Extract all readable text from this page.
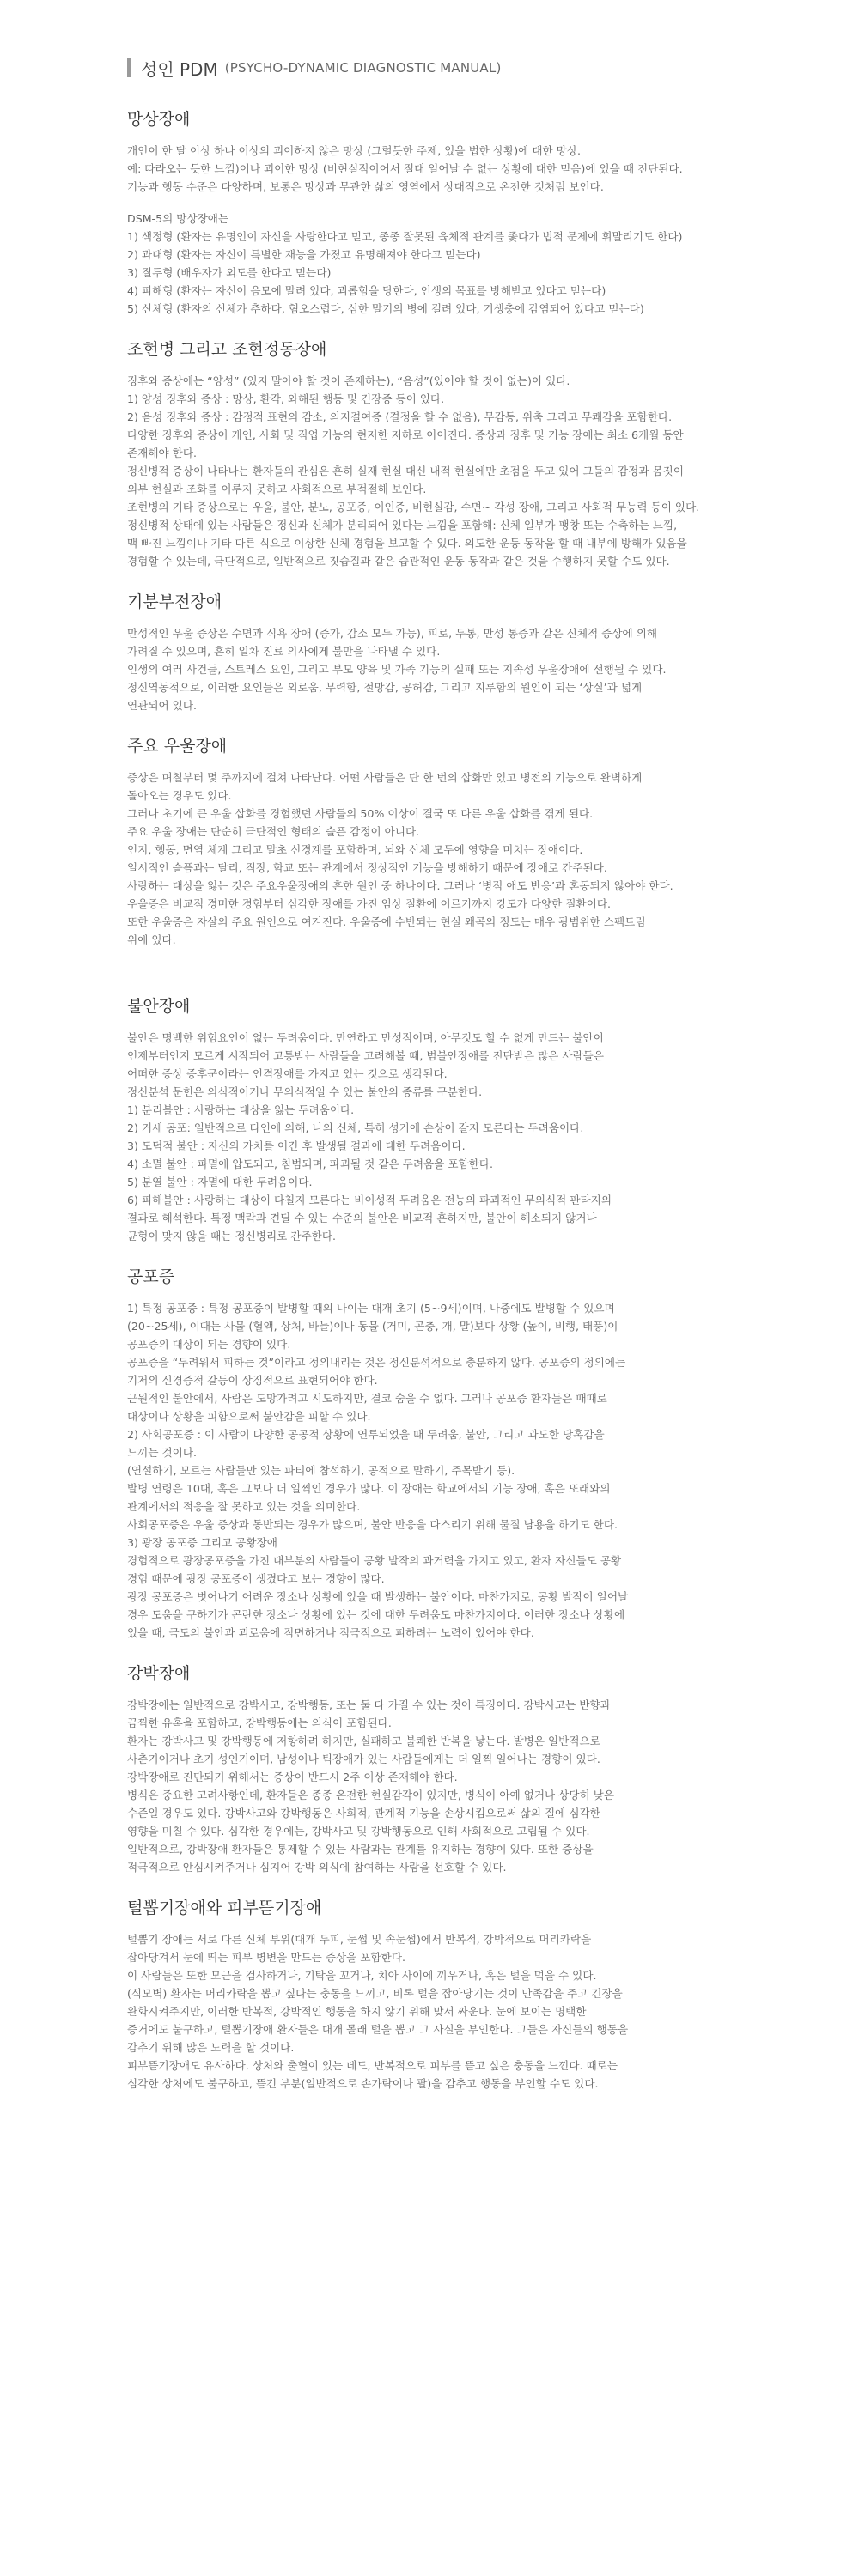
성인 PDM (PSYCHO-DYNAMIC DIAGNOSTIC MANUAL)
망상장애

개인이 한 달 이상 하나 이상의 괴이하지 않은 망상 (그럴듯한 주제, 있을 법한 상황)에 대한 망상.

예: 따라오는 듯한 느낌)이나 괴이한 망상 (비현실적이어서 절대 일어날 수 없는 상황에 대한 믿음)에 있을 때 진단된다.

기능과 행동 수준은 다양하며, 보통은 망상과 무관한 삶의 영역에서 상대적으로 온전한 것처럼 보인다.

DSM-5의 망상장애는

1) 색정형 (환자는 유명인이 자신을 사랑한다고 믿고, 종종 잘못된 육체적 관계를 좇다가 법적 문제에 휘말리기도 한다)

2) 과대형 (환자는 자신이 특별한 재능을 가졌고 유명해져야 한다고 믿는다)

3) 질투형 (배우자가 외도를 한다고 믿는다)

4) 피해형 (환자는 자신이 음모에 말려 있다, 괴롭힘을 당한다, 인생의 목표를 방해받고 있다고 믿는다)

5) 신체형 (환자의 신체가 추하다, 혐오스럽다, 심한 말기의 병에 걸려 있다, 기생충에 감염되어 있다고 믿는다)

조현병 그리고 조현정동장애

징후와 증상에는 “양성” (있지 말아야 할 것이 존재하는), “음성”(있어야 할 것이 없는)이 있다.

1) 양성 징후와 증상 : 망상, 환각, 와해된 행동 및 긴장증 등이 있다.

2) 음성 징후와 증상 : 감정적 표현의 감소, 의지결여증 (결정을 할 수 없음), 무감동, 위축 그리고 무쾌감을 포함한다.

다양한 징후와 증상이 개인, 사회 및 직업 기능의 현저한 저하로 이어진다. 증상과 징후 및 기능 장애는 최소 6개월 동안

존재해야 한다.

정신병적 증상이 나타나는 환자들의 관심은 흔히 실재 현실 대신 내적 현실에만 초점을 두고 있어 그들의 감정과 몸짓이

외부 현실과 조화를 이루지 못하고 사회적으로 부적절해 보인다.

조현병의 기타 증상으로는 우울, 불안, 분노, 공포증, 이인증, 비현실감, 수면~ 각성 장애, 그리고 사회적 무능력 등이 있다.

정신병적 상태에 있는 사람들은 정신과 신체가 분리되어 있다는 느낌을 포함해: 신체 일부가 팽창 또는 수축하는 느낌,

맥 빠진 느낌이나 기타 다른 식으로 이상한 신체 경험을 보고할 수 있다. 의도한 운동 동작을 할 때 내부에 방해가 있음을

경험할 수 있는데, 극단적으로, 일반적으로 짓습질과 같은 습관적인 운동 동작과 같은 것을 수행하지 못할 수도 있다.

기분부전장애

만성적인 우울 증상은 수면과 식욕 장애 (증가, 감소 모두 가능), 피로, 두통, 만성 통증과 같은 신체적 증상에 의해

가려질 수 있으며, 흔히 일차 진료 의사에게 불만을 나타낼 수 있다.

인생의 여러 사건들, 스트레스 요인, 그리고 부모 양육 및 가족 기능의 실패 또는 지속성 우울장애에 선행될 수 있다.

정신역동적으로, 이러한 요인들은 외로움, 무력함, 절망감, 공허감, 그리고 지루함의 원인이 되는 ‘상실’과 넓게

연관되어 있다.

주요 우울장애

증상은 며칠부터 몇 주까지에 걸쳐 나타난다. 어떤 사람들은 단 한 번의 삽화만 있고 병전의 기능으로 완벽하게

돌아오는 경우도 있다.

그러나 초기에 큰 우울 삽화를 경험했던 사람들의 50% 이상이 결국 또 다른 우울 삽화를 겪게 된다.

주요 우울 장애는 단순히 극단적인 형태의 슬픈 감정이 아니다.

인지, 행동, 면역 체계 그리고 말초 신경계를 포함하며, 뇌와 신체 모두에 영향을 미치는 장애이다.

일시적인 슬픔과는 달리, 직장, 학교 또는 관계에서 정상적인 기능을 방해하기 때문에 장애로 간주된다.

사랑하는 대상을 잃는 것은 주요우울장애의 흔한 원인 중 하나이다. 그러나 ‘병적 애도 반응’과 혼동되지 않아야 한다.

우울증은 비교적 경미한 경험부터 심각한 장애를 가진 임상 질환에 이르기까지 강도가 다양한 질환이다.

또한 우울증은 자살의 주요 원인으로 여겨진다. 우울증에 수반되는 현실 왜곡의 정도는 매우 광범위한 스펙트럼

위에 있다.

불안장애

불안은 명백한 위험요인이 없는 두려움이다. 만연하고 만성적이며, 아무것도 할 수 없게 만드는 불안이

언제부터인지 모르게 시작되어 고통받는 사람들을 고려해볼 때, 범불안장애를 진단받은 많은 사람들은

어떠한 증상 증후군이라는 인격장애를 가지고 있는 것으로 생각된다.

정신분석 문헌은 의식적이거나 무의식적일 수 있는 불안의 종류를 구분한다.

1) 분리불안 : 사랑하는 대상을 잃는 두려움이다.

2) 거세 공포: 일반적으로 타인에 의해, 나의 신체, 특히 성기에 손상이 갈지 모른다는 두려움이다.

3) 도덕적 불안 : 자신의 가치를 어긴 후 발생될 결과에 대한 두려움이다.

4) 소멸 불안 : 파멸에 압도되고, 침범되며, 파괴될 것 같은 두려움을 포함한다.

5) 분열 불안 : 자멸에 대한 두려움이다.

6) 피해불안 : 사랑하는 대상이 다칠지 모른다는 비이성적 두려움은 전능의 파괴적인 무의식적 판타지의

결과로 해석한다. 특정 맥락과 견딜 수 있는 수준의 불안은 비교적 흔하지만, 불안이 해소되지 않거나

균형이 맞지 않을 때는 정신병리로 간주한다.

공포증

1) 특정 공포증 : 특정 공포증이 발병할 때의 나이는 대개 초기 (5~9세)이며, 나중에도 발병할 수 있으며

(20~25세), 이때는 사물 (혈액, 상처, 바늘)이나 동물 (거미, 곤충, 개, 말)보다 상황 (높이, 비행, 태풍)이

공포증의 대상이 되는 경향이 있다.

공포증을 “두려워서 피하는 것”이라고 정의내리는 것은 정신분석적으로 충분하지 않다. 공포증의 정의에는

기저의 신경증적 갈등이 상징적으로 표현되어야 한다.

근원적인 불안에서, 사람은 도망가려고 시도하지만, 결코 숨을 수 없다. 그러나 공포증 환자들은 때때로

대상이나 상황을 피함으로써 불안감을 피할 수 있다.

2) 사회공포증 : 이 사람이 다양한 공공적 상황에 연루되었을 때 두려움, 불안, 그리고 과도한 당혹감을

느끼는 것이다.

(연설하기, 모르는 사람들만 있는 파티에 참석하기, 공적으로 말하기, 주목받기 등).

발병 연령은 10대, 혹은 그보다 더 일찍인 경우가 많다. 이 장애는 학교에서의 기능 장애, 혹은 또래와의

관계에서의 적응을 잘 못하고 있는 것을 의미한다.

사회공포증은 우울 증상과 동반되는 경우가 많으며, 불안 반응을 다스리기 위해 물질 남용을 하기도 한다.

3) 광장 공포증 그리고 공황장애

경험적으로 광장공포증을 가진 대부분의 사람들이 공황 발작의 과거력을 가지고 있고, 환자 자신들도 공황

경험 때문에 광장 공포증이 생겼다고 보는 경향이 많다.

광장 공포증은 벗어나기 어려운 장소나 상황에 있을 때 발생하는 불안이다. 마찬가지로, 공황 발작이 일어날

경우 도움을 구하기가 곤란한 장소나 상황에 있는 것에 대한 두려움도 마찬가지이다. 이러한 장소나 상황에

있을 때, 극도의 불안과 괴로움에 직면하거나 적극적으로 피하려는 노력이 있어야 한다.

강박장애

강박장애는 일반적으로 강박사고, 강박행동, 또는 둘 다 가질 수 있는 것이 특징이다. 강박사고는 반향과

끔찍한 유혹을 포함하고, 강박행동에는 의식이 포함된다.

환자는 강박사고 및 강박행동에 저항하려 하지만, 실패하고 불쾌한 반복을 낳는다. 발병은 일반적으로

사춘기이거나 초기 성인기이며, 남성이나 틱장애가 있는 사람들에게는 더 일찍 일어나는 경향이 있다.

강박장애로 진단되기 위해서는 증상이 반드시 2주 이상 존재해야 한다.

병식은 중요한 고려사항인데, 환자들은 종종 온전한 현실감각이 있지만, 병식이 아예 없거나 상당히 낮은

수준일 경우도 있다. 강박사고와 강박행동은 사회적, 관계적 기능을 손상시킴으로써 삶의 질에 심각한

영향을 미칠 수 있다. 심각한 경우에는, 강박사고 및 강박행동으로 인해 사회적으로 고립될 수 있다.

일반적으로, 강박장애 환자들은 통제할 수 있는 사람과는 관계를 유지하는 경향이 있다. 또한 증상을

적극적으로 안심시켜주거나 심지어 강박 의식에 참여하는 사람을 선호할 수 있다.

털뽑기장애와 피부뜯기장애

털뽑기 장애는 서로 다른 신체 부위(대개 두피, 눈썹 및 속눈썹)에서 반복적, 강박적으로 머리카락을

잡아당겨서 눈에 띄는 피부 병변을 만드는 증상을 포함한다.

이 사람들은 또한 모근을 검사하거나, 기탁을 꼬거나, 치아 사이에 끼우거나, 혹은 털을 먹을 수 있다.

(식모벽) 환자는 머리카락을 뽑고 싶다는 충동을 느끼고, 비록 털을 잡아당기는 것이 만족감을 주고 긴장을

완화시켜주지만, 이러한 반복적, 강박적인 행동을 하지 않기 위해 맞서 싸운다. 눈에 보이는 명백한

증거에도 불구하고, 털뽑기장애 환자들은 대개 몰래 털을 뽑고 그 사실을 부인한다. 그들은 자신들의 행동을

감추기 위해 많은 노력을 할 것이다.

피부뜯기장애도 유사하다. 상처와 출혈이 있는 데도, 반복적으로 피부를 뜯고 싶은 충동을 느낀다. 때로는

심각한 상처에도 불구하고, 뜯긴 부분(일반적으로 손가락이나 팔)을 감추고 행동을 부인할 수도 있다.
